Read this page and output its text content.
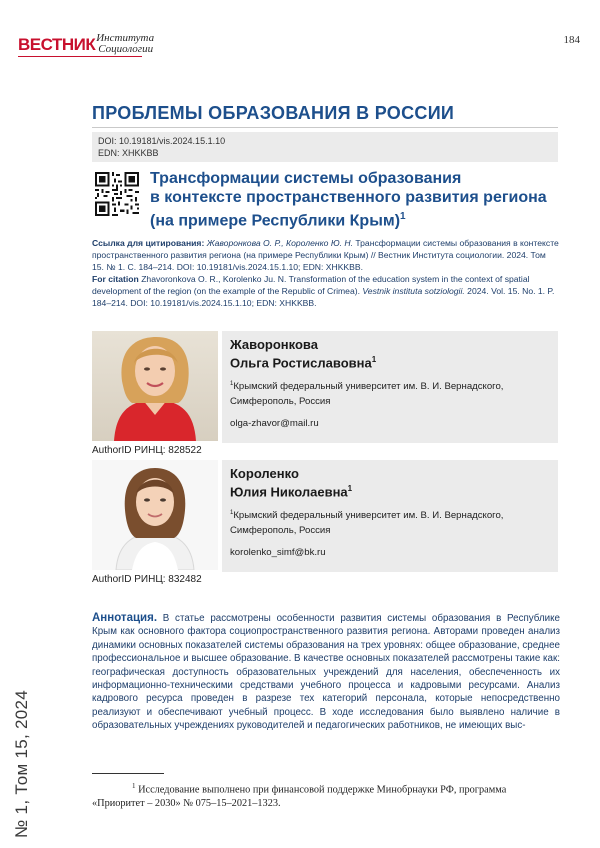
ВЕСТНИК Института
Социологии
184
ПРОБЛЕМЫ ОБРАЗОВАНИЯ В РОССИИ
DOI: 10.19181/vis.2024.15.1.10
EDN: XHKKBB
Трансформации системы образования
в контексте пространственного развития региона
(на примере Республики Крым)$^1$
Ссылка для цитирования: Жаворонкова О. Р., Короленко Ю. Н. Трансформации системы образования в контексте пространственного развития региона (на примере Республики Крым) // Вестник Института социологии. 2024. Том 15. № 1. С. 184–214. DOI: 10.19181/vis.2024.15.1.10; EDN: XHKKBB.
For citation Zhavoronkova O. R., Korolenko Ju. N. Transformation of the education system in the context of spatial development of the region (on the example of the Republic of Crimea). Vestnik instituta sotziologii. 2024. Vol. 15. No. 1. P. 184–214. DOI: 10.19181/vis.2024.15.1.10; EDN: XHKKBB.
Жаворонкова
Ольга Ростиславовна$^1$
$^1$Крымский федеральный университет им. В. И. Вернадского,
Симферополь, Россия
olga-zhavor@mail.ru
AuthorID РИНЦ: 828522
Короленко
Юлия Николаевна$^1$
$^1$Крымский федеральный университет им. В. И. Вернадского,
Симферополь, Россия
korolenko_simf@bk.ru
AuthorID РИНЦ: 832482
Аннотация. В статье рассмотрены особенности развития системы образования в Республике Крым как основного фактора социопространственного развития региона. Авторами проведен анализ динамики основных показателей системы образования на трех уровнях: общее образование, среднее профессиональное и высшее образование. В качестве основных показателей рассмотрены такие как: географическая доступность образовательных учреждений для населения, обеспеченность их информационно-техническими средствами учебного процесса и кадровыми ресурсами. Анализ кадрового ресурса проведен в разрезе тех категорий персонала, которые непосредственно реализуют и обеспечивают учебный процесс. В ходе исследования было выявлено наличие в образовательных учреждениях руководителей и педагогических работников, не имеющих выс-
№ 1, Том 15, 2024	$^1$ Исследование выполнено при финансовой поддержке Минобрнауки РФ, программа «Приоритет – 2030» № 075–15–2021–1323.
